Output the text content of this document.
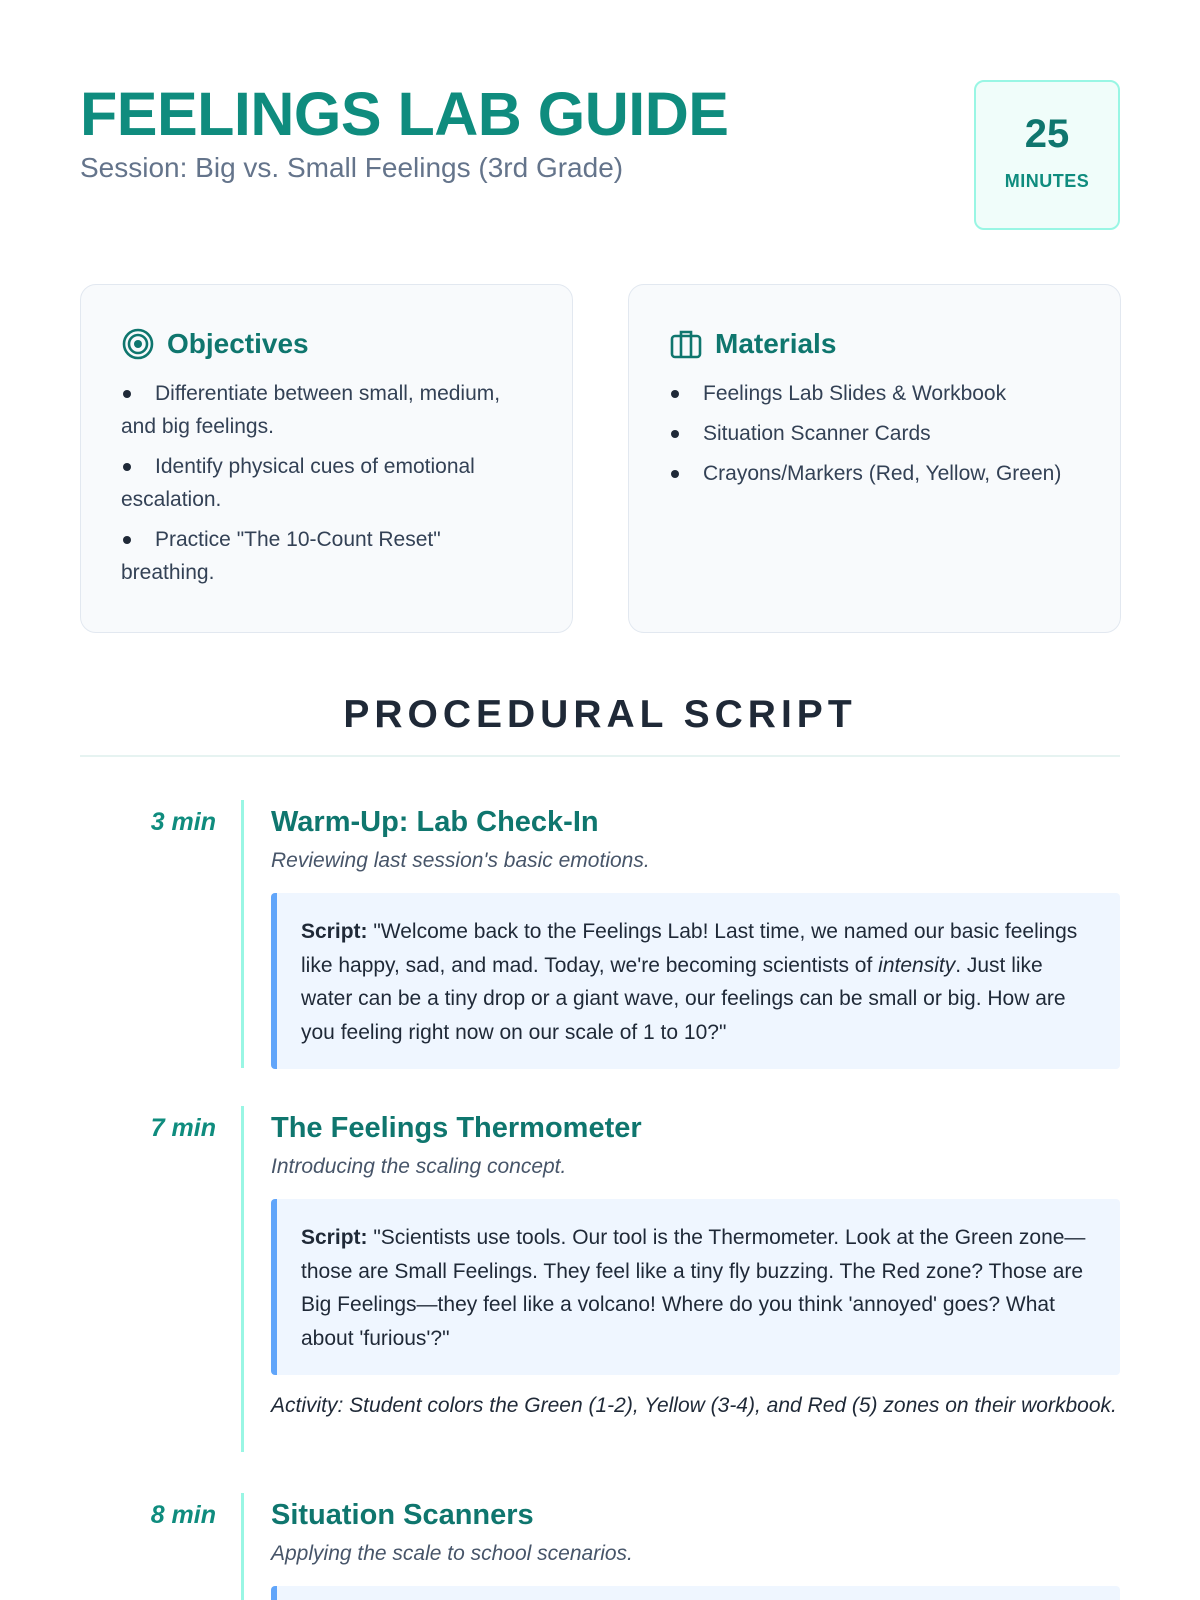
FEELINGS LAB GUIDE
Session: Big vs. Small Feelings (3rd Grade)
25
MINUTES
Objectives
Differentiate between small, medium, and big feelings.
Identify physical cues of emotional escalation.
Practice "The 10-Count Reset" breathing.
Materials
Feelings Lab Slides & Workbook
Situation Scanner Cards
Crayons/Markers (Red, Yellow, Green)
PROCEDURAL SCRIPT
3 min Warm-Up: Lab Check-In
Reviewing last session's basic emotions.
Script: "Welcome back to the Feelings Lab! Last time, we named our basic feelings like happy, sad, and mad. Today, we're becoming scientists of intensity. Just like water can be a tiny drop or a giant wave, our feelings can be small or big. How are you feeling right now on our scale of 1 to 10?"
7 min The Feelings Thermometer
Introducing the scaling concept.
Script: "Scientists use tools. Our tool is the Thermometer. Look at the Green zone—those are Small Feelings. They feel like a tiny fly buzzing. The Red zone? Those are Big Feelings—they feel like a volcano! Where do you think 'annoyed' goes? What about 'furious'?"
Activity: Student colors the Green (1-2), Yellow (3-4), and Red (5) zones on their workbook.
8 min Situation Scanners
Applying the scale to school scenarios.
